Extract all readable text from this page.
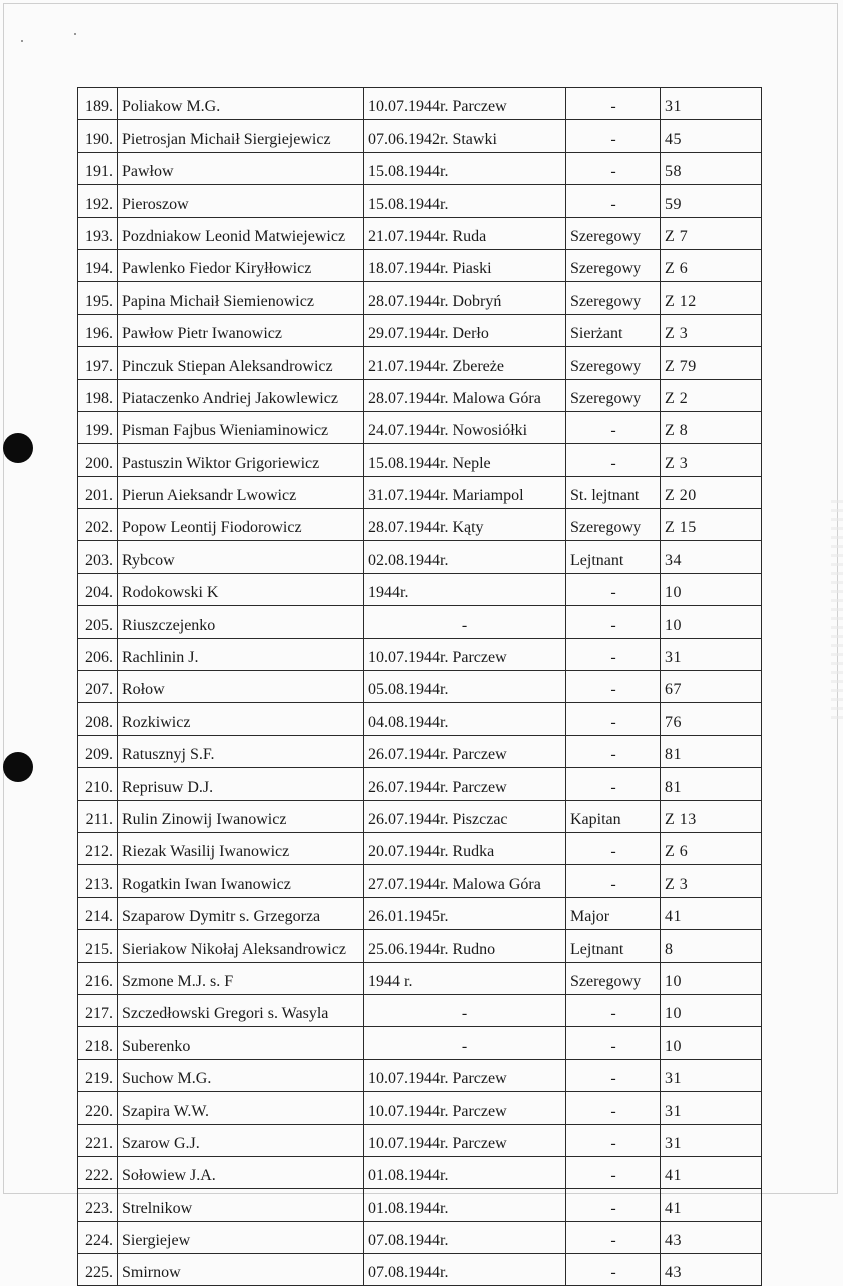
189.	Poliakow M.G.	10.07.1944r. Parczew	-	31
190.	Pietrosjan Michaił Siergiejewicz	07.06.1942r. Stawki	-	45
191.	Pawłow	15.08.1944r.	-	58
192.	Pieroszow	15.08.1944r.	-	59
193.	Pozdniakow Leonid Matwiejewicz	21.07.1944r. Ruda	Szeregowy	Z 7
194.	Pawlenko Fiedor Kiryłłowicz	18.07.1944r. Piaski	Szeregowy	Z 6
195.	Papina Michaił Siemienowicz	28.07.1944r. Dobryń	Szeregowy	Z 12
196.	Pawłow Pietr Iwanowicz	29.07.1944r. Derło	Sierżant	Z 3
197.	Pinczuk Stiepan Aleksandrowicz	21.07.1944r. Zbereże	Szeregowy	Z 79
198.	Piataczenko Andriej Jakowlewicz	28.07.1944r. Malowa Góra	Szeregowy	Z 2
199.	Pisman Fajbus Wieniaminowicz	24.07.1944r. Nowosiółki	-	Z 8
200.	Pastuszin Wiktor Grigoriewicz	15.08.1944r. Neple	-	Z 3
201.	Pierun Aieksandr Lwowicz	31.07.1944r. Mariampol	St. lejtnant	Z 20
202.	Popow Leontij Fiodorowicz	28.07.1944r. Kąty	Szeregowy	Z 15
203.	Rybcow	02.08.1944r.	Lejtnant	34
204.	Rodokowski K	1944r.	-	10
205.	Riuszczejenko	-	-	10
206.	Rachlinin J.	10.07.1944r. Parczew	-	31
207.	Rołow	05.08.1944r.	-	67
208.	Rozkiwicz	04.08.1944r.	-	76
209.	Ratusznyj S.F.	26.07.1944r. Parczew	-	81
210.	Reprisuw D.J.	26.07.1944r. Parczew	-	81
211.	Rulin Zinowij Iwanowicz	26.07.1944r. Piszczac	Kapitan	Z 13
212.	Riezak Wasilij Iwanowicz	20.07.1944r. Rudka	-	Z 6
213.	Rogatkin Iwan Iwanowicz	27.07.1944r. Malowa Góra	-	Z 3
214.	Szaparow Dymitr s. Grzegorza	26.01.1945r.	Major	41
215.	Sieriakow Nikołaj Aleksandrowicz	25.06.1944r. Rudno	Lejtnant	8
216.	Szmone M.J. s. F	1944 r.	Szeregowy	10
217.	Szczedłowski Gregori s. Wasyla	-	-	10
218.	Suberenko	-	-	10
219.	Suchow M.G.	10.07.1944r. Parczew	-	31
220.	Szapira W.W.	10.07.1944r. Parczew	-	31
221.	Szarow G.J.	10.07.1944r. Parczew	-	31
222.	Sołowiew J.A.	01.08.1944r.	-	41
223.	Strelnikow	01.08.1944r.	-	41
224.	Siergiejew	07.08.1944r.	-	43
225.	Smirnow	07.08.1944r.	-	43
